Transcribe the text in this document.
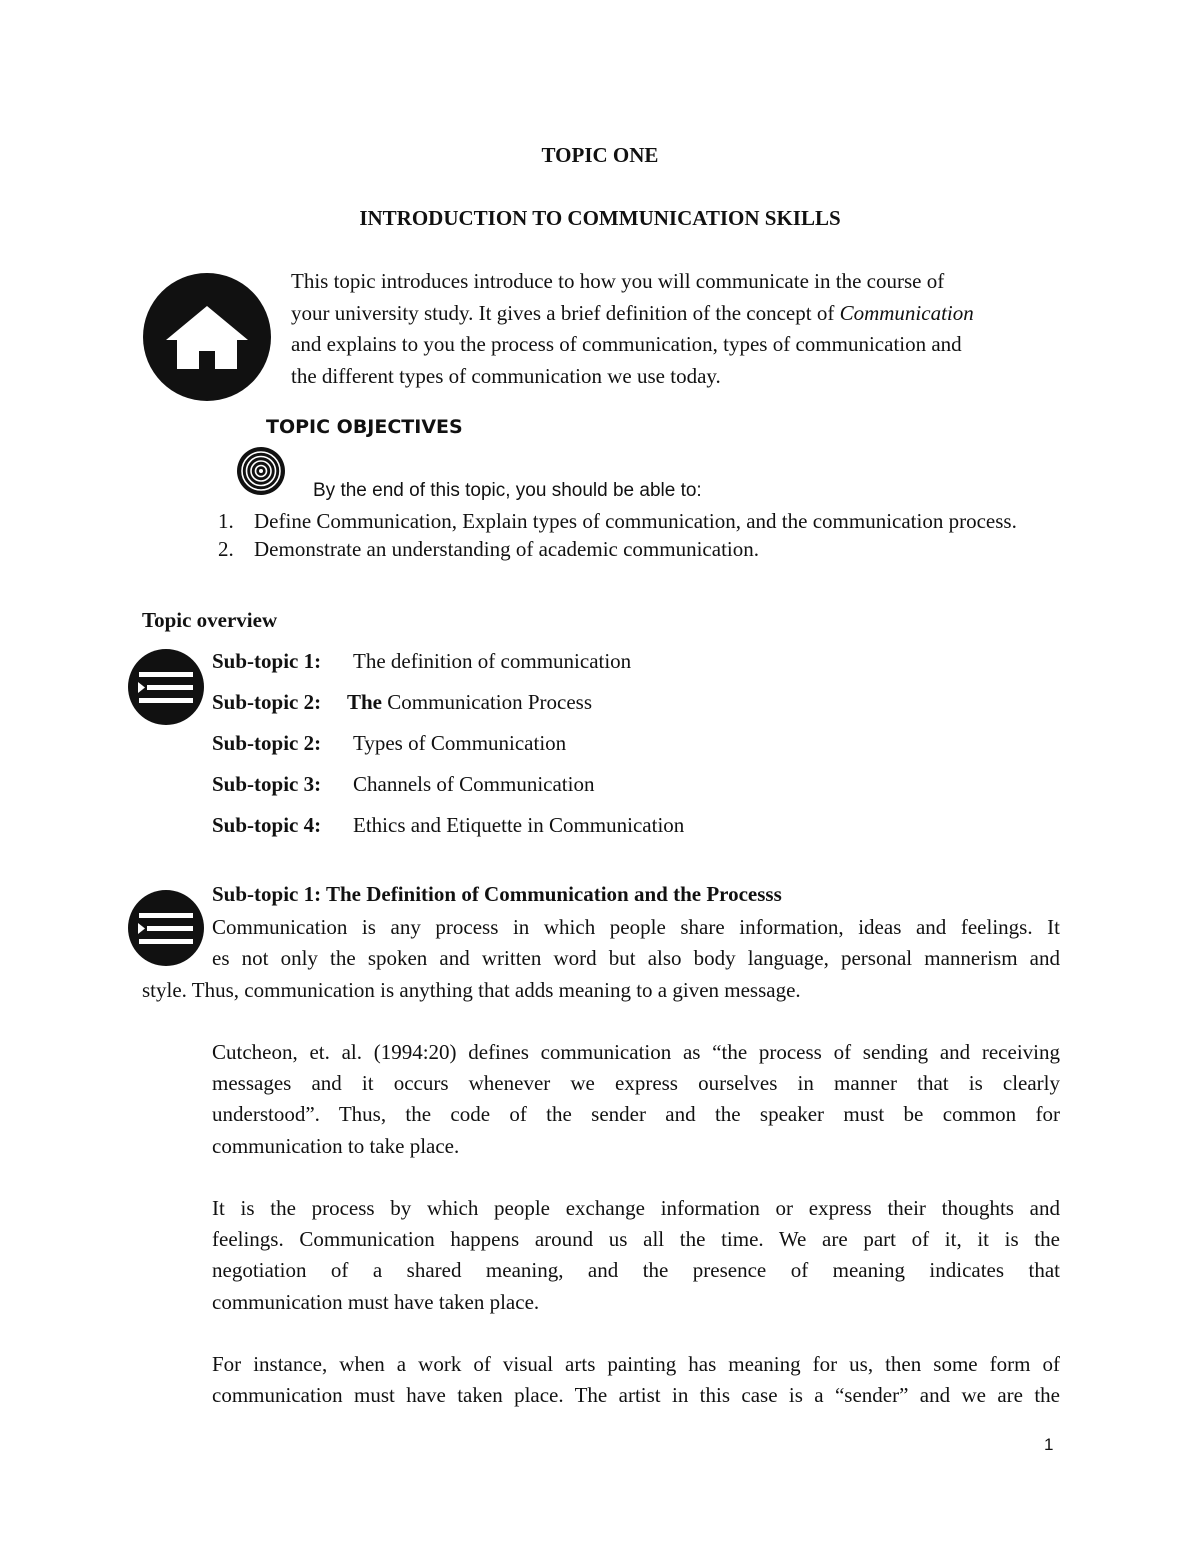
TOPIC ONE
INTRODUCTION TO COMMUNICATION SKILLS
This topic introduces introduce to how you will communicate in the course of
your university study. It gives a brief definition of the concept of Communication
and explains to you the process of communication, types of communication and
the different types of communication we use today.
TOPIC OBJECTIVES
By the end of this topic, you should be able to:
1. Define Communication, Explain types of communication, and the communication process.
2. Demonstrate an understanding of academic communication.
Topic overview
Sub-topic 1: The definition of communication
Sub-topic 2: The Communication Process
Sub-topic 2: Types of Communication
Sub-topic 3: Channels of Communication
Sub-topic 4: Ethics and Etiquette in Communication
Sub-topic 1: The Definition of Communication and the Processs
Communication is any process in which people share information, ideas and feelings. It
es not only the spoken and written word but also body language, personal mannerism and
style. Thus, communication is anything that adds meaning to a given message.
Cutcheon, et. al. (1994:20) defines communication as “the process of sending and receiving
messages and it occurs whenever we express ourselves in manner that is clearly
understood”. Thus, the code of the sender and the speaker must be common for
communication to take place.
It is the process by which people exchange information or express their thoughts and
feelings. Communication happens around us all the time. We are part of it, it is the
negotiation of a shared meaning, and the presence of meaning indicates that
communication must have taken place.
For instance, when a work of visual arts painting has meaning for us, then some form of
communication must have taken place. The artist in this case is a “sender” and we are the
1
